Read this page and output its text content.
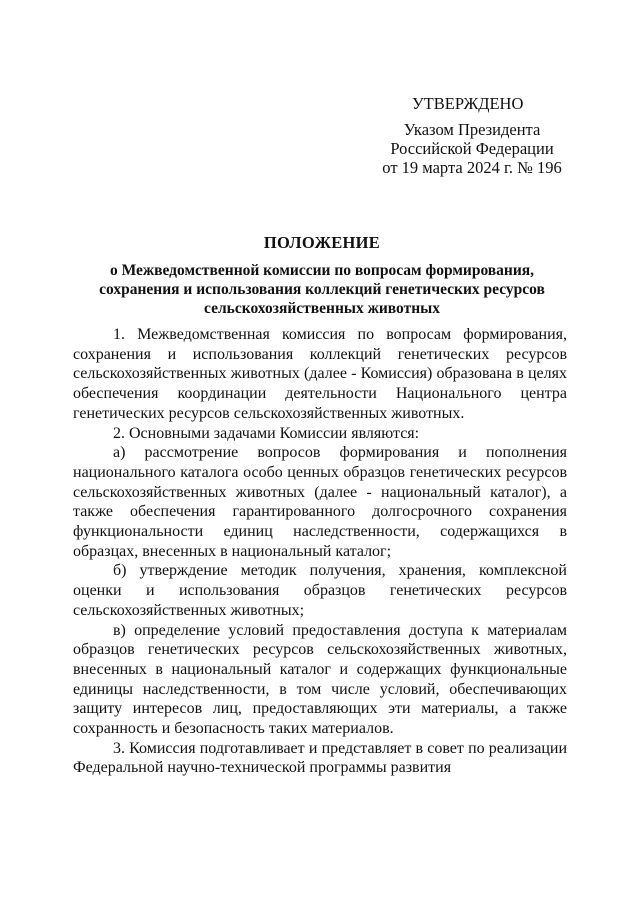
УТВЕРЖДЕНО
Указом Президента
Российской Федерации
от 19 марта 2024 г. № 196
ПОЛОЖЕНИЕ
о Межведомственной комиссии по вопросам формирования, сохранения и использования коллекций генетических ресурсов сельскохозяйственных животных

1. Межведомственная комиссия по вопросам формирования, сохранения и использования коллекций генетических ресурсов сельскохозяйственных животных (далее - Комиссия) образована в целях обеспечения координации деятельности Национального центра генетических ресурсов сельскохозяйственных животных.

2. Основными задачами Комиссии являются:

а) рассмотрение вопросов формирования и пополнения национального каталога особо ценных образцов генетических ресурсов сельскохозяйственных животных (далее - национальный каталог), а также обеспечения гарантированного долгосрочного сохранения функциональности единиц наследственности, содержащихся в образцах, внесенных в национальный каталог;

б) утверждение методик получения, хранения, комплексной оценки и использования образцов генетических ресурсов сельскохозяйственных животных;

в) определение условий предоставления доступа к материалам образцов генетических ресурсов сельскохозяйственных животных, внесенных в национальный каталог и содержащих функциональные единицы наследственности, в том числе условий, обеспечивающих защиту интересов лиц, предоставляющих эти материалы, а также сохранность и безопасность таких материалов.

3. Комиссия подготавливает и представляет в совет по реализации Федеральной научно-технической программы развития
